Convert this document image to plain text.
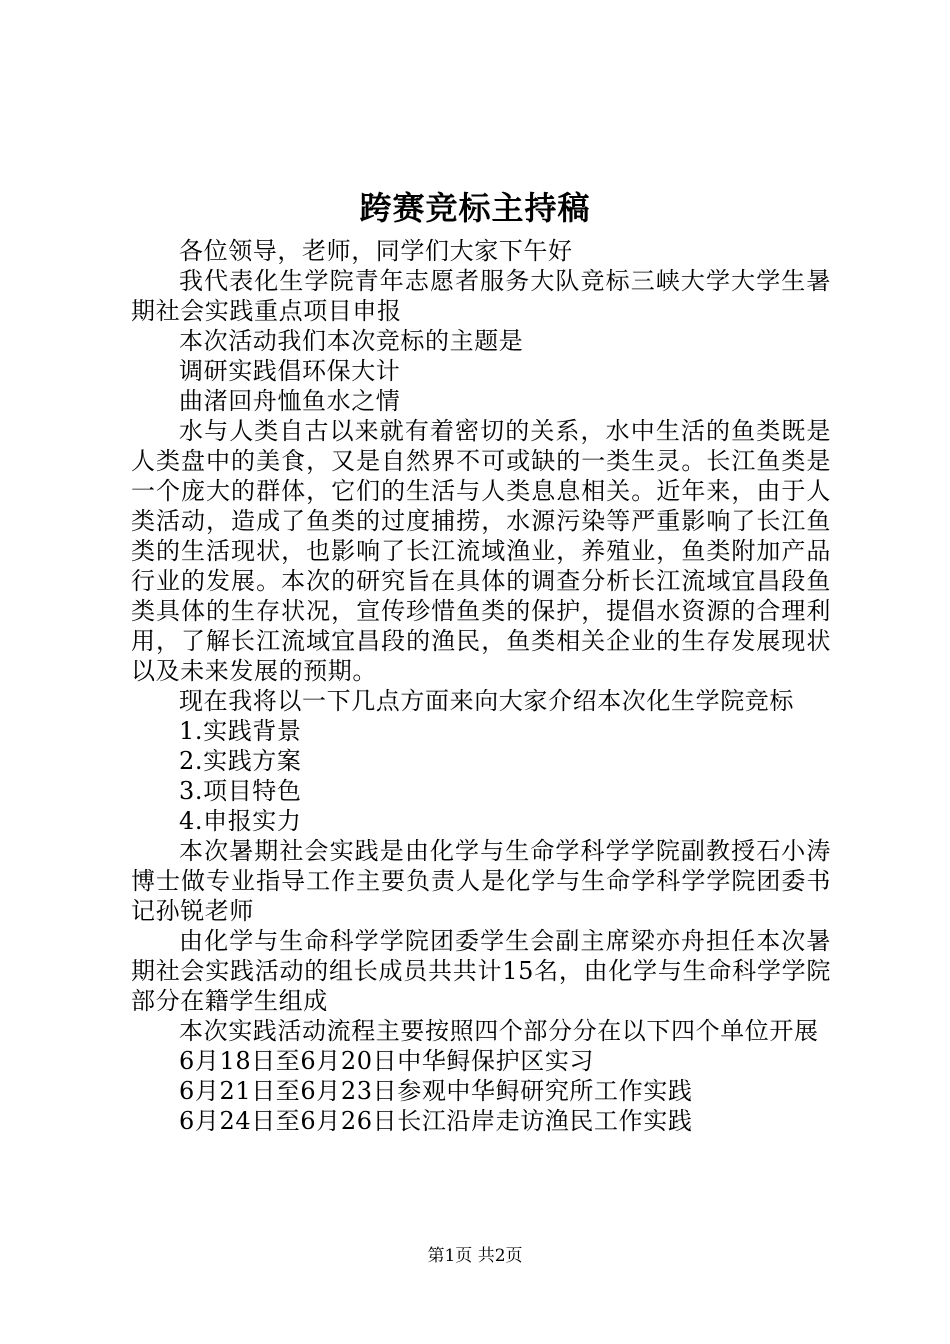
跨赛竞标主持稿

各位领导，老师，同学们大家下午好

我代表化生学院青年志愿者服务大队竞标三峡大学大学生暑期社会实践重点项目申报

本次活动我们本次竞标的主题是

调研实践倡环保大计

曲渚回舟恤鱼水之情

水与人类自古以来就有着密切的关系，水中生活的鱼类既是人类盘中的美食，又是自然界不可或缺的一类生灵。长江鱼类是一个庞大的群体，它们的生活与人类息息相关。近年来，由于人类活动，造成了鱼类的过度捕捞，水源污染等严重影响了长江鱼类的生活现状，也影响了长江流域渔业，养殖业，鱼类附加产品行业的发展。本次的研究旨在具体的调查分析长江流域宜昌段鱼类具体的生存状况，宣传珍惜鱼类的保护，提倡水资源的合理利用，了解长江流域宜昌段的渔民，鱼类相关企业的生存发展现状以及未来发展的预期。

现在我将以一下几点方面来向大家介绍本次化生学院竞标

1.实践背景

2.实践方案

3.项目特色

4.申报实力

本次暑期社会实践是由化学与生命学科学学院副教授石小涛博士做专业指导工作主要负责人是化学与生命学科学学院团委书记孙锐老师

由化学与生命科学学院团委学生会副主席梁亦舟担任本次暑期社会实践活动的组长成员共共计15名，由化学与生命科学学院部分在籍学生组成

本次实践活动流程主要按照四个部分分在以下四个单位开展

6月18日至6月20日中华鲟保护区实习

6月21日至6月23日参观中华鲟研究所工作实践

6月24日至6月26日长江沿岸走访渔民工作实践

第1页 共2页
